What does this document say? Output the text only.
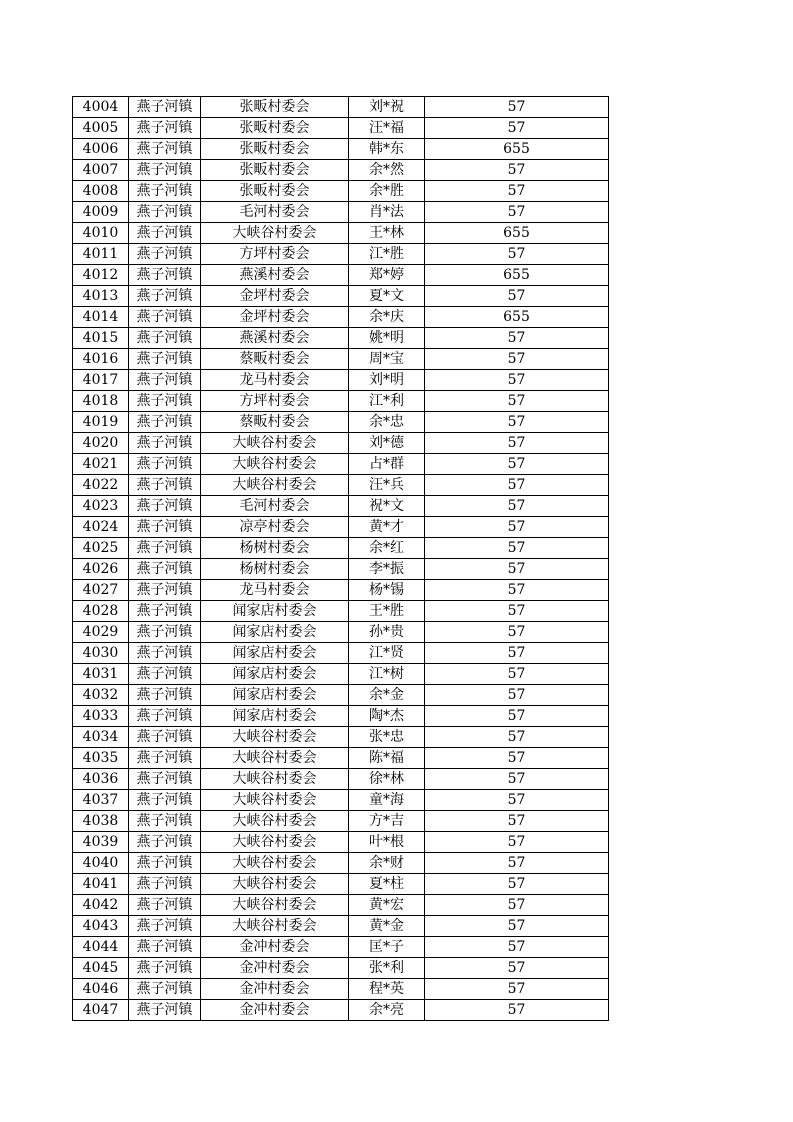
4004	燕子河镇	张畈村委会	刘*祝	57
4005	燕子河镇	张畈村委会	汪*福	57
4006	燕子河镇	张畈村委会	韩*东	655
4007	燕子河镇	张畈村委会	余*然	57
4008	燕子河镇	张畈村委会	余*胜	57
4009	燕子河镇	毛河村委会	肖*法	57
4010	燕子河镇	大峡谷村委会	王*林	655
4011	燕子河镇	方坪村委会	江*胜	57
4012	燕子河镇	燕溪村委会	郑*婷	655
4013	燕子河镇	金坪村委会	夏*文	57
4014	燕子河镇	金坪村委会	余*庆	655
4015	燕子河镇	燕溪村委会	姚*明	57
4016	燕子河镇	蔡畈村委会	周*宝	57
4017	燕子河镇	龙马村委会	刘*明	57
4018	燕子河镇	方坪村委会	江*利	57
4019	燕子河镇	蔡畈村委会	余*忠	57
4020	燕子河镇	大峡谷村委会	刘*德	57
4021	燕子河镇	大峡谷村委会	占*群	57
4022	燕子河镇	大峡谷村委会	汪*兵	57
4023	燕子河镇	毛河村委会	祝*文	57
4024	燕子河镇	凉亭村委会	黄*才	57
4025	燕子河镇	杨树村委会	余*红	57
4026	燕子河镇	杨树村委会	李*振	57
4027	燕子河镇	龙马村委会	杨*锡	57
4028	燕子河镇	闻家店村委会	王*胜	57
4029	燕子河镇	闻家店村委会	孙*贵	57
4030	燕子河镇	闻家店村委会	江*贤	57
4031	燕子河镇	闻家店村委会	江*树	57
4032	燕子河镇	闻家店村委会	余*金	57
4033	燕子河镇	闻家店村委会	陶*杰	57
4034	燕子河镇	大峡谷村委会	张*忠	57
4035	燕子河镇	大峡谷村委会	陈*福	57
4036	燕子河镇	大峡谷村委会	徐*林	57
4037	燕子河镇	大峡谷村委会	童*海	57
4038	燕子河镇	大峡谷村委会	方*吉	57
4039	燕子河镇	大峡谷村委会	叶*根	57
4040	燕子河镇	大峡谷村委会	余*财	57
4041	燕子河镇	大峡谷村委会	夏*柱	57
4042	燕子河镇	大峡谷村委会	黄*宏	57
4043	燕子河镇	大峡谷村委会	黄*金	57
4044	燕子河镇	金冲村委会	匡*子	57
4045	燕子河镇	金冲村委会	张*利	57
4046	燕子河镇	金冲村委会	程*英	57
4047	燕子河镇	金冲村委会	余*亮	57
